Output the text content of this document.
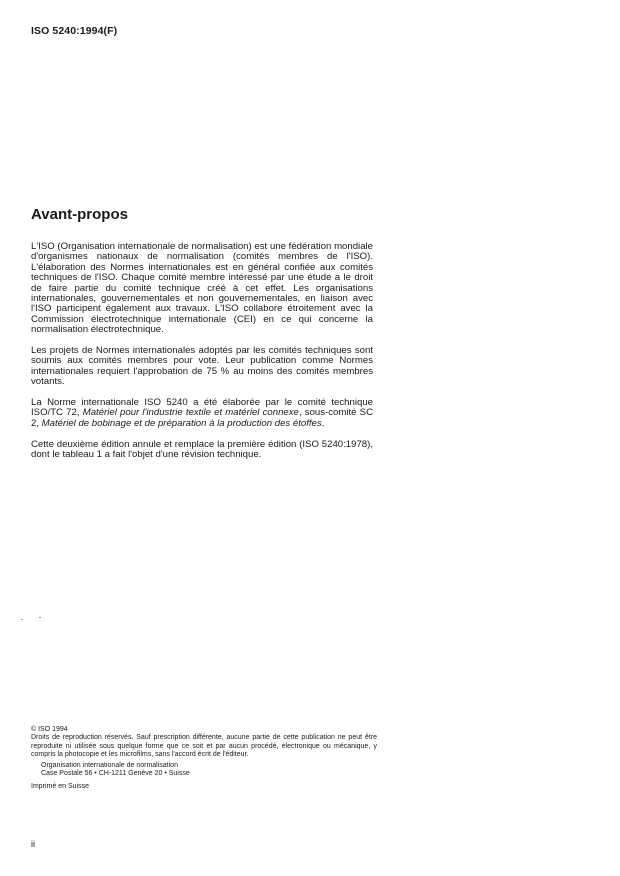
ISO 5240:1994(F)
Avant-propos

L'ISO (Organisation internationale de normalisation) est une fédération mondiale d'organismes nationaux de normalisation (comités membres de l'ISO). L'élaboration des Normes internationales est en général confiée aux comités techniques de l'ISO. Chaque comité membre intéressé par une étude a le droit de faire partie du comité technique créé à cet effet. Les organisations internationales, gouvernementales et non gouvernementales, en liaison avec l'ISO participent également aux travaux. L'ISO collabore étroitement avec la Commission électrotechnique internationale (CEI) en ce qui concerne la normalisation électrotechnique.

Les projets de Normes internationales adoptés par les comités techniques sont soumis aux comités membres pour vote. Leur publication comme Normes internationales requiert l'approbation de 75 % au moins des comités membres votants.

La Norme internationale ISO 5240 a été élaborée par le comité technique ISO/TC 72, Matériel pour l'industrie textile et matériel connexe, sous-comité SC 2, Matériel de bobinage et de préparation à la production des étoffes.

Cette deuxième édition annule et remplace la première édition (ISO 5240:1978), dont le tableau 1 a fait l'objet d'une révision technique.

© ISO 1994

Droits de reproduction réservés. Sauf prescription différente, aucune partie de cette publication ne peut être reproduite ni utilisée sous quelque forme que ce soit et par aucun procédé, électronique ou mécanique, y compris la photocopie et les microfilms, sans l'accord écrit de l'éditeur.

Organisation internationale de normalisation
Case Postale 56 • CH-1211 Genève 20 • Suisse

Imprimé en Suisse

ii
